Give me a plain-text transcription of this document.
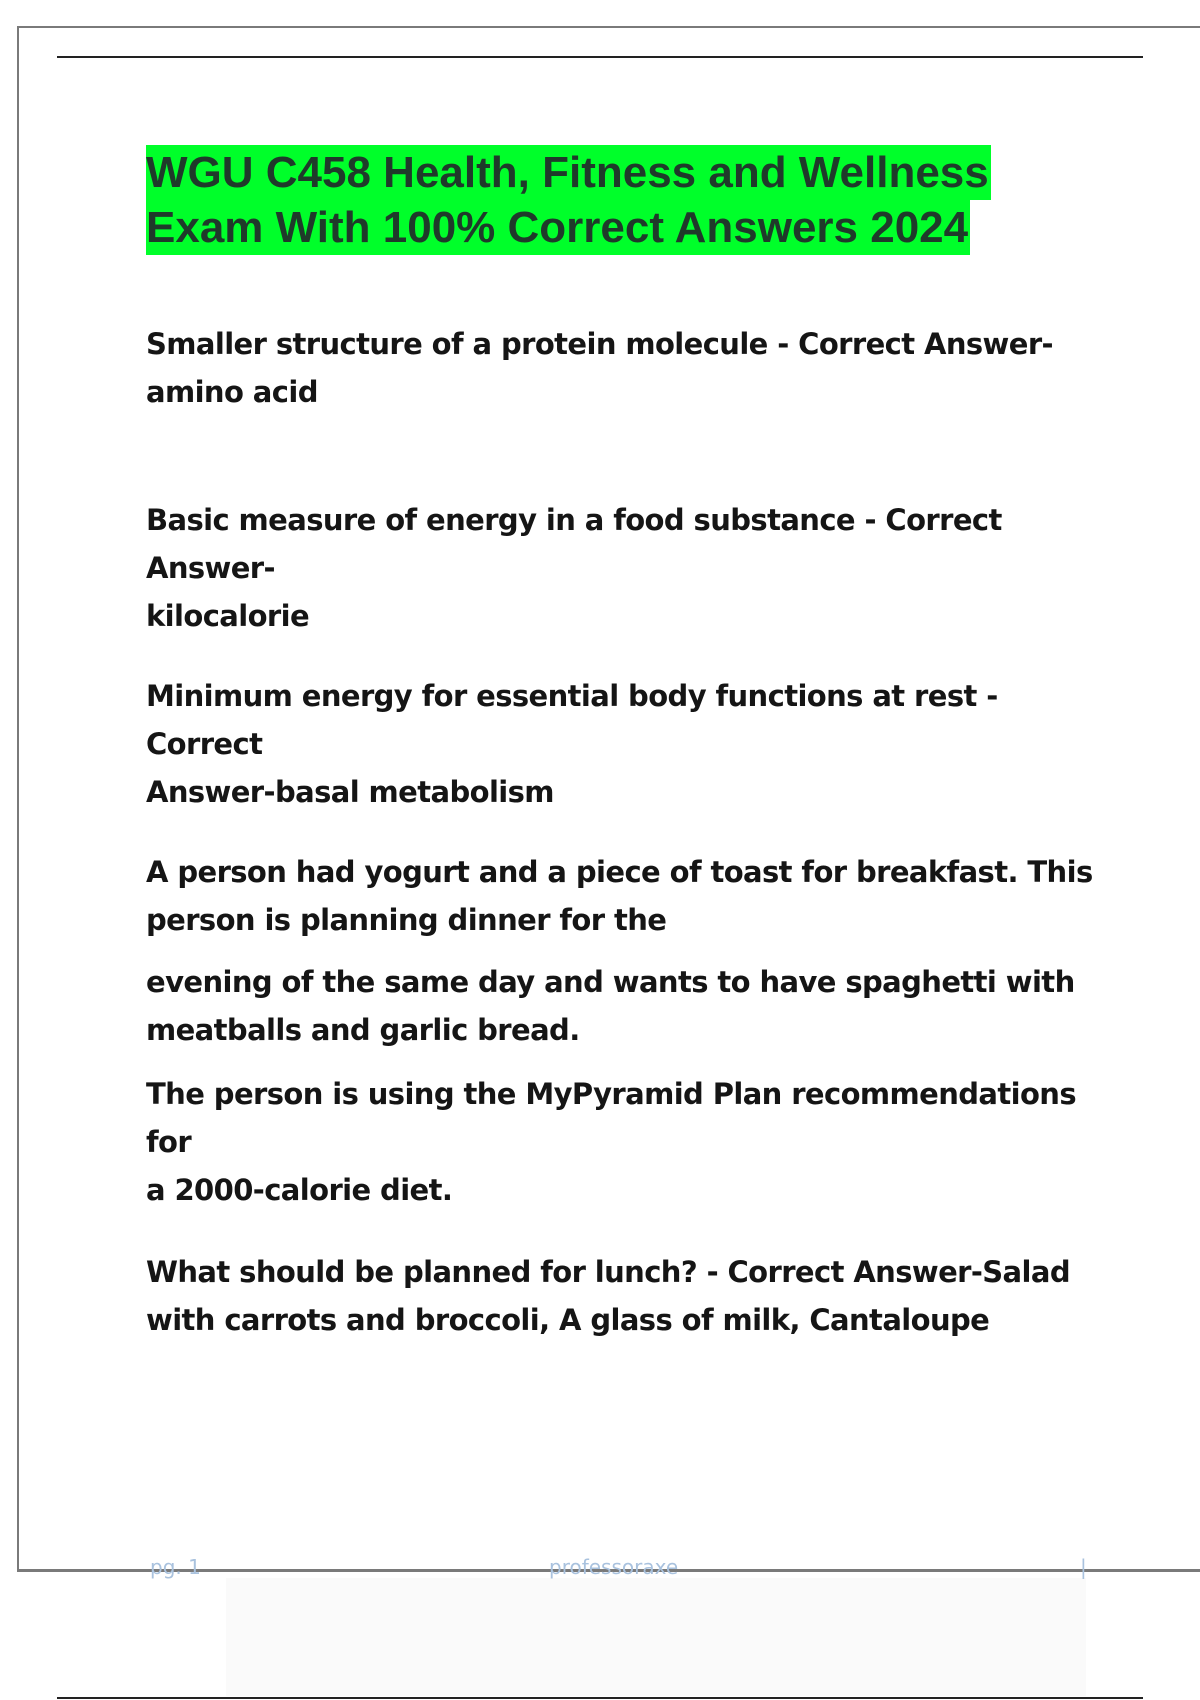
WGU C458 Health, Fitness and Wellness
Exam With 100% Correct Answers 2024

Smaller structure of a protein molecule - Correct Answer-

amino acid

Basic measure of energy in a food substance - Correct Answer-

kilocalorie

Minimum energy for essential body functions at rest - Correct

Answer-basal metabolism

A person had yogurt and a piece of toast for breakfast. This

person is planning dinner for the

evening of the same day and wants to have spaghetti with

meatballs and garlic bread.

The person is using the MyPyramid Plan recommendations for

a 2000-calorie diet.

What should be planned for lunch? - Correct Answer-Salad

with carrots and broccoli, A glass of milk, Cantaloupe

pg. 1	professoraxe	|
